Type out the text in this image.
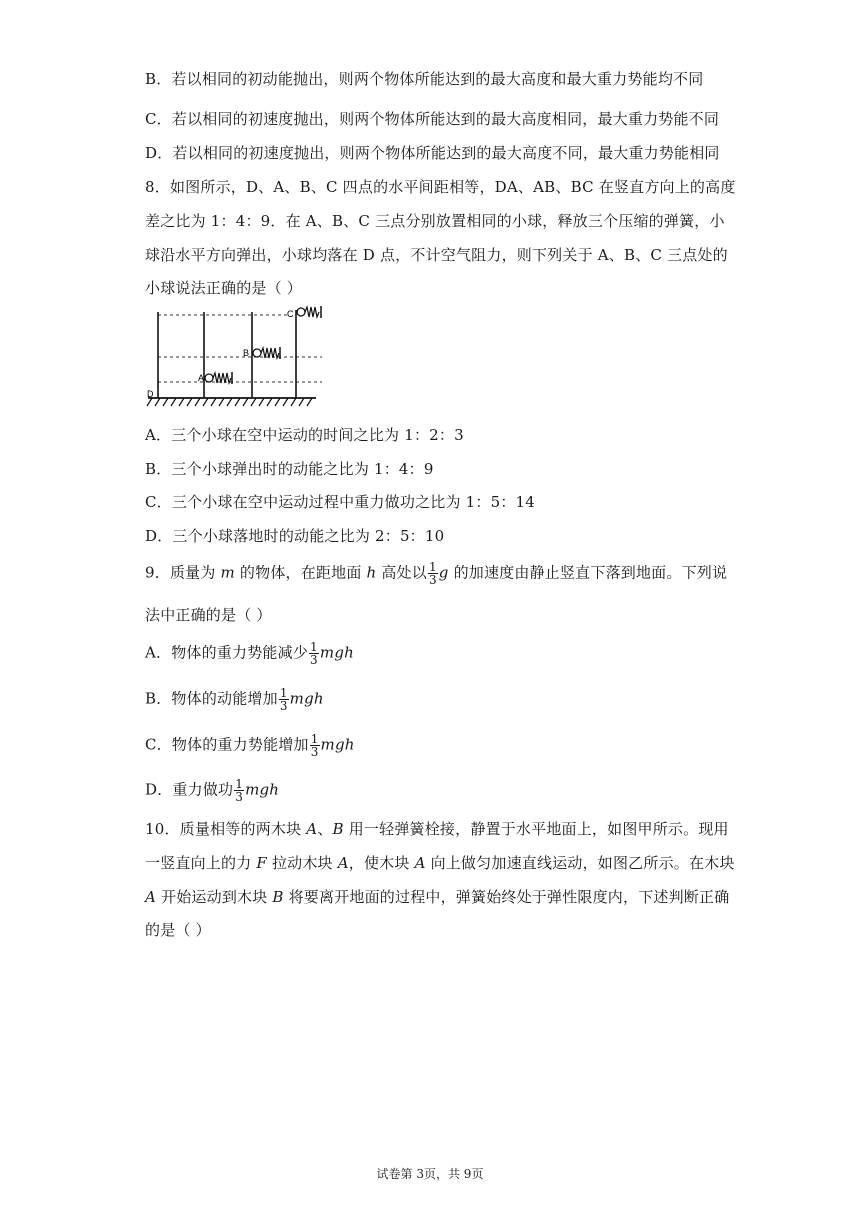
B．若以相同的初动能抛出，则两个物体所能达到的最大高度和最大重力势能均不同
C．若以相同的初速度抛出，则两个物体所能达到的最大高度相同，最大重力势能不同
D．若以相同的初速度抛出，则两个物体所能达到的最大高度不同，最大重力势能相同
8．如图所示，D、A、B、C 四点的水平间距相等，DA、AB、BC 在竖直方向上的高度
差之比为 1：4：9．在 A、B、C 三点分别放置相同的小球，释放三个压缩的弹簧，小
球沿水平方向弹出，小球均落在 D 点，不计空气阻力，则下列关于 A、B、C 三点处的
小球说法正确的是（ ）
C
B
A
D
A．三个小球在空中运动的时间之比为 1：2：3
B．三个小球弹出时的动能之比为 1：4：9
C．三个小球在空中运动过程中重力做功之比为 1：5：14
D．三个小球落地时的动能之比为 2：5：10
9．质量为 m 的物体，在距地面 h 高处以 $\frac{1}{3}$ g 的加速度由静止竖直下落到地面。下列说
法中正确的是（ ）
A．物体的重力势能减少 $\frac{1}{3}$ mgh
B．物体的动能增加 $\frac{1}{3}$ mgh
C．物体的重力势能增加 $\frac{1}{3}$ mgh
D．重力做功 $\frac{1}{3}$ mgh
10．质量相等的两木块 A、B 用一轻弹簧栓接，静置于水平地面上，如图甲所示。现用
一竖直向上的力 F 拉动木块 A，使木块 A 向上做匀加速直线运动，如图乙所示。在木块
A 开始运动到木块 B 将要离开地面的过程中，弹簧始终处于弹性限度内，下述判断正确
的是（ ）
试卷第 3页，共 9页
